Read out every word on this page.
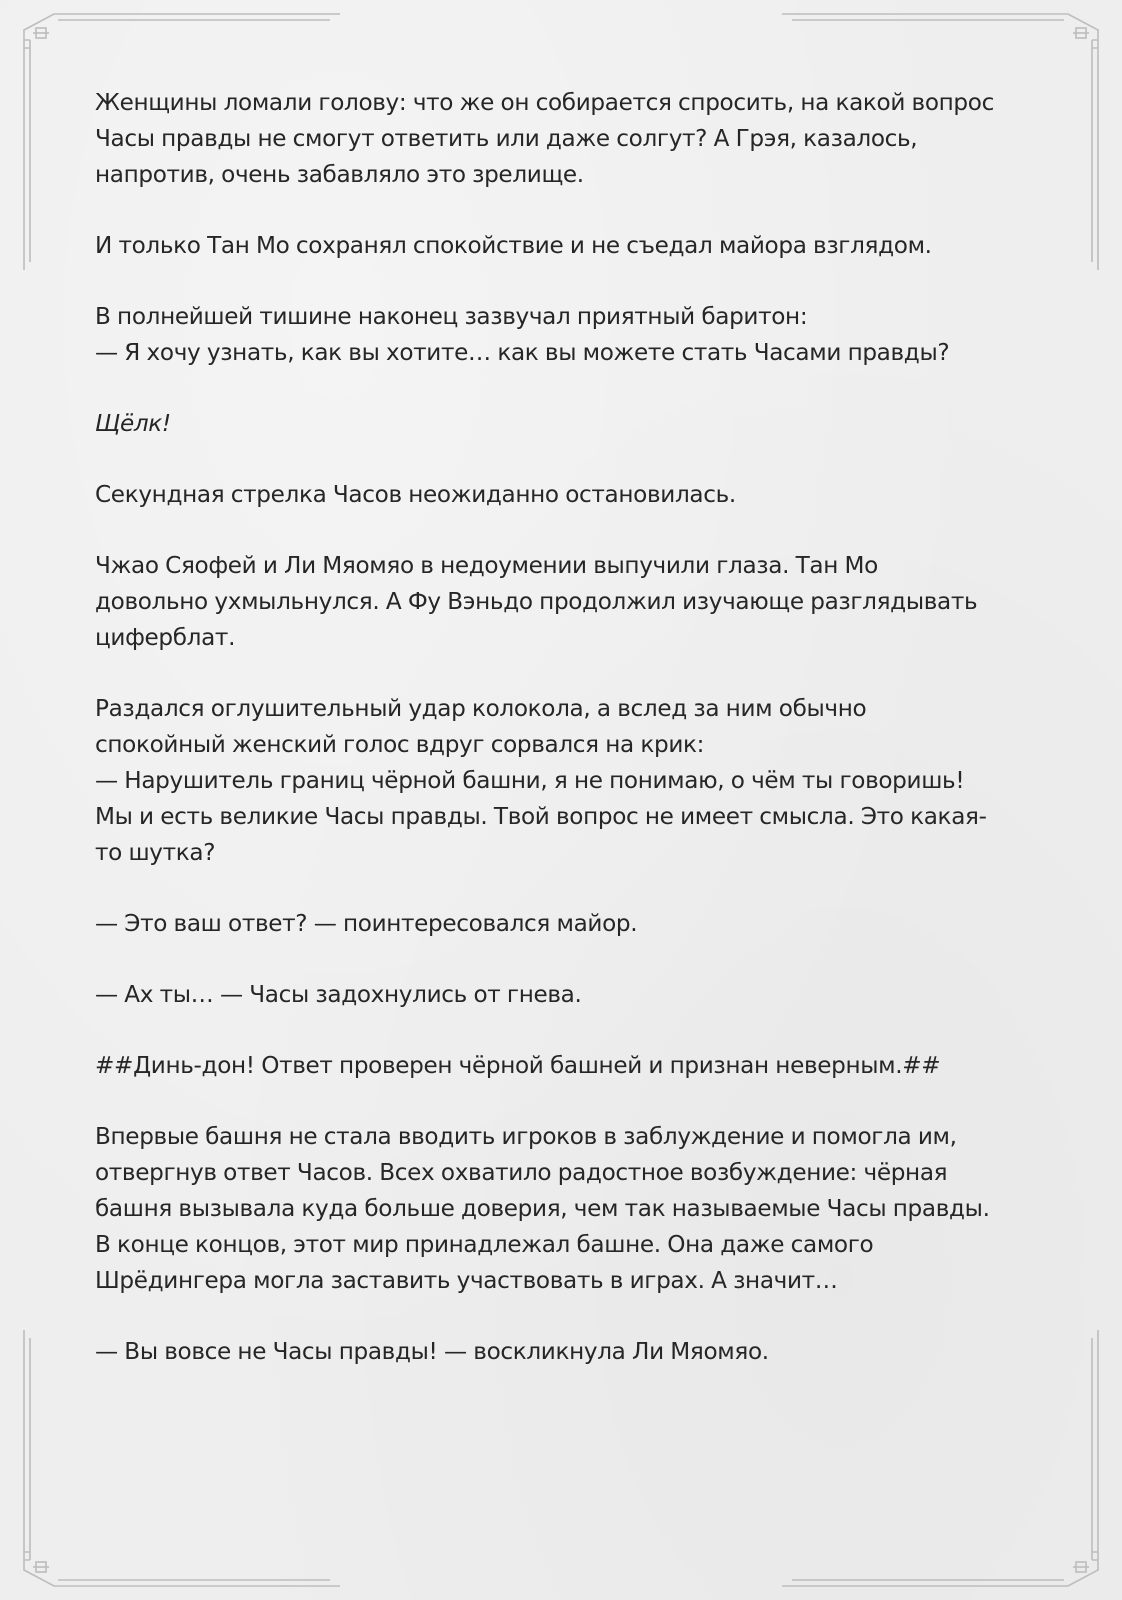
Женщины ломали голову: что же он собирается спросить, на какой вопрос
Часы правды не смогут ответить или даже солгут? А Грэя, казалось,
напротив, очень забавляло это зрелище.

И только Тан Мо сохранял спокойствие и не съедал майора взглядом.

В полнейшей тишине наконец зазвучал приятный баритон:
— Я хочу узнать, как вы хотите… как вы можете стать Часами правды?

Щёлк!

Секундная стрелка Часов неожиданно остановилась.

Чжао Сяофей и Ли Мяомяо в недоумении выпучили глаза. Тан Мо
довольно ухмыльнулся. А Фу Вэньдо продолжил изучающе разглядывать
циферблат.

Раздался оглушительный удар колокола, а вслед за ним обычно
спокойный женский голос вдруг сорвался на крик:
— Нарушитель границ чёрной башни, я не понимаю, о чём ты говоришь!
Мы и есть великие Часы правды. Твой вопрос не имеет смысла. Это какая-
то шутка?

— Это ваш ответ? — поинтересовался майор.

— Ах ты… — Часы задохнулись от гнева.

##Динь-дон! Ответ проверен чёрной башней и признан неверным.##

Впервые башня не стала вводить игроков в заблуждение и помогла им,
отвергнув ответ Часов. Всех охватило радостное возбуждение: чёрная
башня вызывала куда больше доверия, чем так называемые Часы правды.
В конце концов, этот мир принадлежал башне. Она даже самого
Шрёдингера могла заставить участвовать в играх. А значит…

— Вы вовсе не Часы правды! — воскликнула Ли Мяомяо.
